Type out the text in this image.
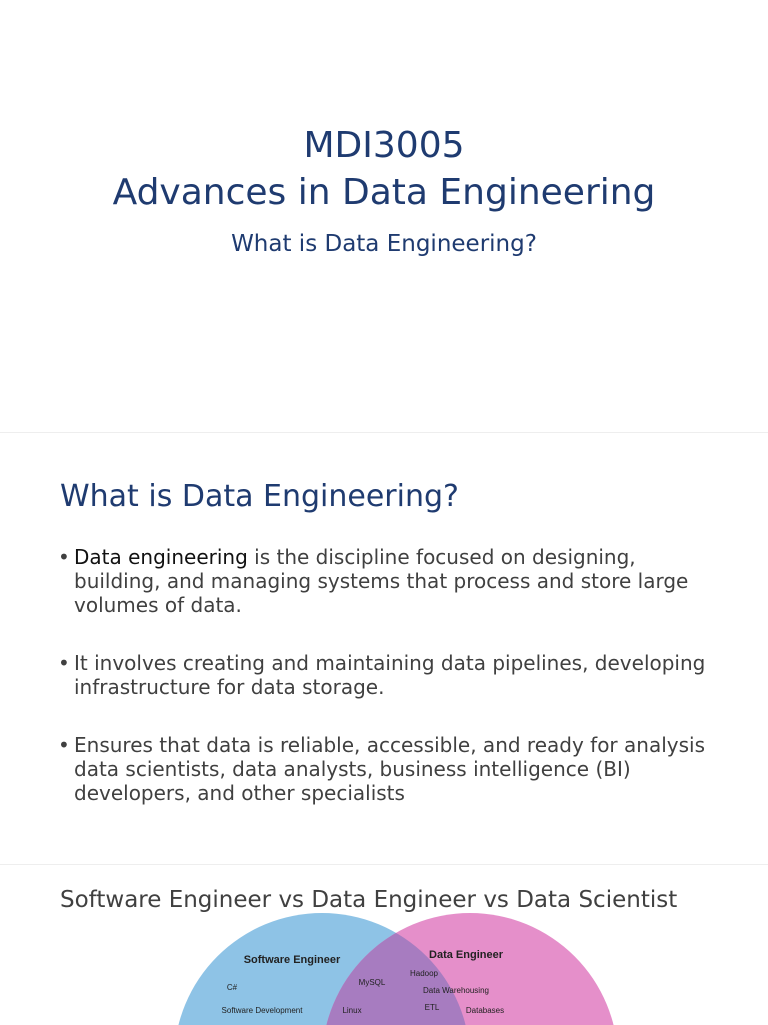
MDI3005
Advances in Data Engineering
What is Data Engineering?
What is Data Engineering?
• Data engineering is the discipline focused on designing, building, and managing systems that process and store large volumes of data.
• It involves creating and maintaining data pipelines, developing infrastructure for data storage.
• Ensures that data is reliable, accessible, and ready for analysis data scientists, data analysts, business intelligence (BI) developers, and other specialists
Software Engineer vs Data Engineer vs Data Scientist
Software Engineer
C#
Software Development
MySQL
Linux
Data Engineer
Hadoop
Data Warehousing
ETL	Databases
